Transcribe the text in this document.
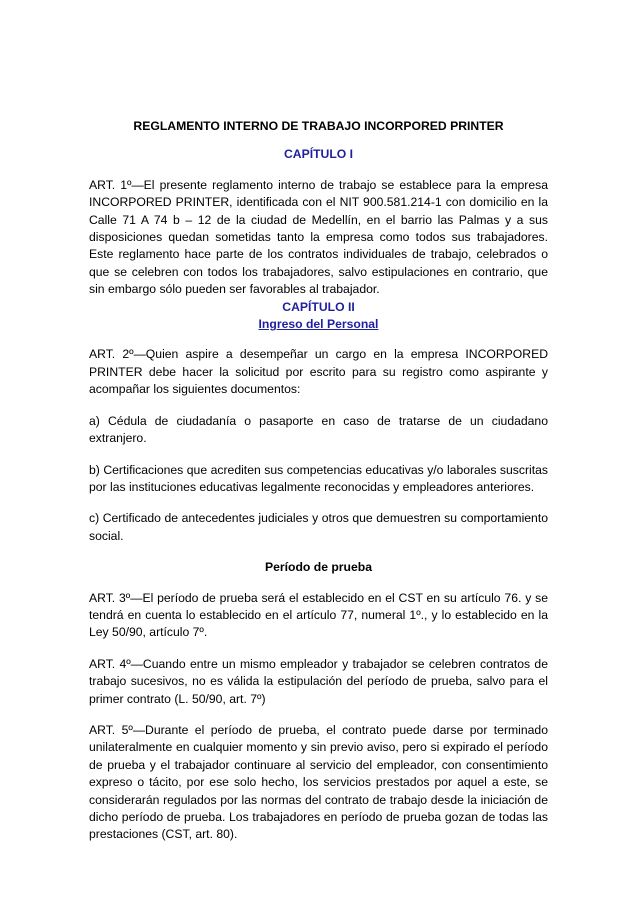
REGLAMENTO INTERNO DE TRABAJO INCORPORED PRINTER

CAPÍTULO I

ART. 1º—El presente reglamento interno de trabajo se establece para la empresa INCORPORED PRINTER, identificada con el NIT 900.581.214-1 con domicilio en la Calle 71 A 74 b – 12 de la ciudad de Medellín, en el barrio las Palmas y a sus disposiciones quedan sometidas tanto la empresa como todos sus trabajadores. Este reglamento hace parte de los contratos individuales de trabajo, celebrados o que se celebren con todos los trabajadores, salvo estipulaciones en contrario, que sin embargo sólo pueden ser favorables al trabajador.

CAPÍTULO II

Ingreso del Personal

ART. 2º—Quien aspire a desempeñar un cargo en la empresa INCORPORED PRINTER debe hacer la solicitud por escrito para su registro como aspirante y acompañar los siguientes documentos:

a) Cédula de ciudadanía o pasaporte en caso de tratarse de un ciudadano extranjero.

b) Certificaciones que acrediten sus competencias educativas y/o laborales suscritas por las instituciones educativas legalmente reconocidas y empleadores anteriores.

c) Certificado de antecedentes judiciales y otros que demuestren su comportamiento social.

Período de prueba

ART. 3º—El período de prueba será el establecido en el CST en su artículo 76. y se tendrá en cuenta lo establecido en el artículo 77, numeral 1º., y lo establecido en la Ley 50/90, artículo 7º.

ART. 4º—Cuando entre un mismo empleador y trabajador se celebren contratos de trabajo sucesivos, no es válida la estipulación del período de prueba, salvo para el primer contrato (L. 50/90, art. 7º)

ART. 5º—Durante el período de prueba, el contrato puede darse por terminado unilateralmente en cualquier momento y sin previo aviso, pero si expirado el período de prueba y el trabajador continuare al servicio del empleador, con consentimiento expreso o tácito, por ese solo hecho, los servicios prestados por aquel a este, se considerarán regulados por las normas del contrato de trabajo desde la iniciación de dicho período de prueba. Los trabajadores en período de prueba gozan de todas las prestaciones (CST, art. 80).
